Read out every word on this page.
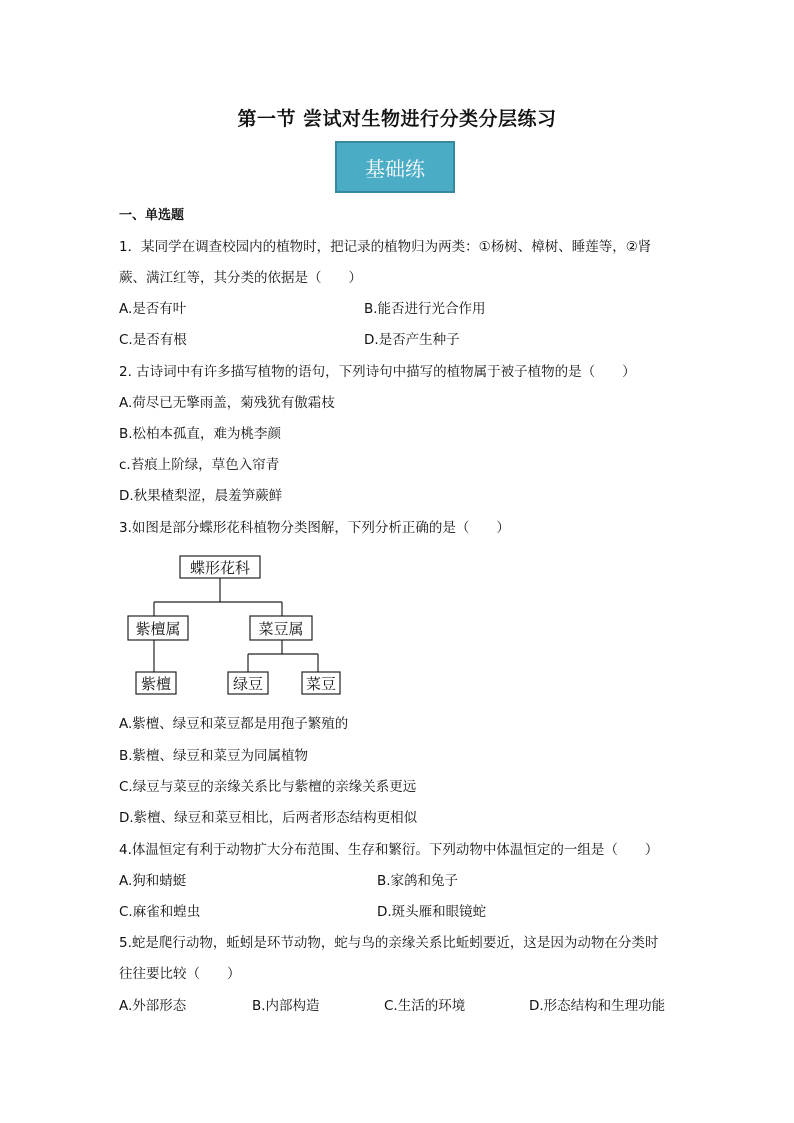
第一节 尝试对生物进行分类分层练习
基础练
一、单选题
1．某同学在调查校园内的植物时，把记录的植物归为两类：①杨树、樟树、睡莲等，②肾
蕨、满江红等，其分类的依据是（　　）
A.是否有叶	B.能否进行光合作用
C.是否有根	D.是否产生种子
2. 古诗词中有许多描写植物的语句，下列诗句中描写的植物属于被子植物的是（　　）
A.荷尽已无擎雨盖，菊残犹有傲霜枝
B.松柏本孤直，难为桃李颜
c.苔痕上阶绿，草色入帘青
D.秋果楂梨涩，晨羞笋蕨鲜
3.如图是部分蝶形花科植物分类图解，下列分析正确的是（　　）
蝶形花科
紫檀属	菜豆属
紫檀	绿豆	菜豆
A.紫檀、绿豆和菜豆都是用孢子繁殖的
B.紫檀、绿豆和菜豆为同属植物
C.绿豆与菜豆的亲缘关系比与紫檀的亲缘关系更远
D.紫檀、绿豆和菜豆相比，后两者形态结构更相似
4.体温恒定有利于动物扩大分布范围、生存和繁衍。下列动物中体温恒定的一组是（　　）
A.狗和蜻蜓	B.家鸽和兔子
C.麻雀和蝗虫	D.斑头雁和眼镜蛇
5.蛇是爬行动物，蚯蚓是环节动物，蛇与鸟的亲缘关系比蚯蚓要近，这是因为动物在分类时
往往要比较（　　）
A.外部形态	B.内部构造	C.生活的环境	D.形态结构和生理功能
